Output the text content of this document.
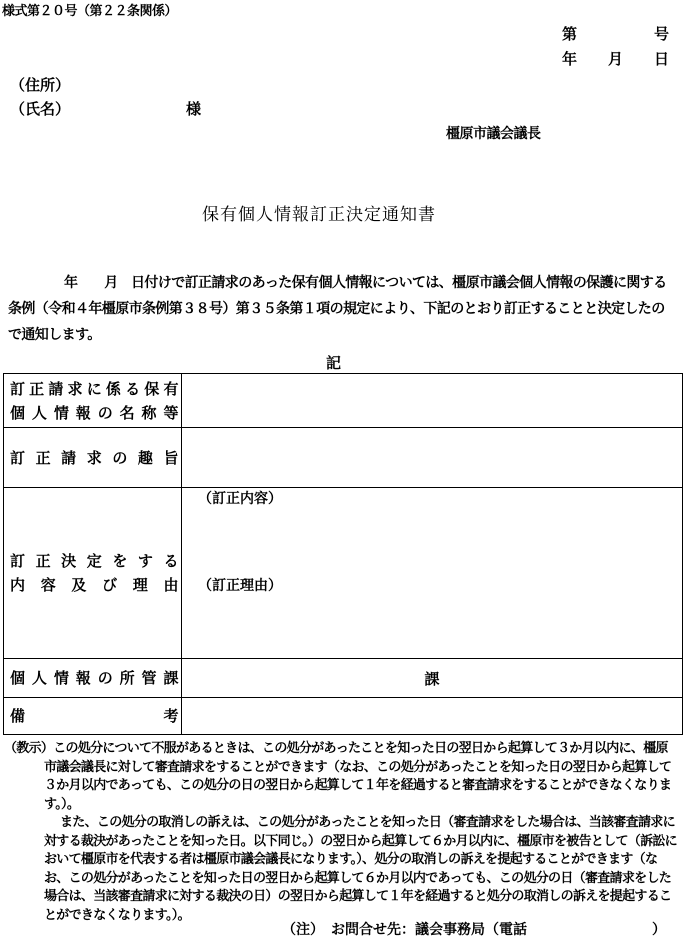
様式第２０号（第２２条関係）
第	号
年 月 日
（住所）
（氏名）	様
橿原市議会議長
保有個人情報訂正決定通知書
年　　月　日付けで訂正請求のあった保有個人情報については、橿原市議会個人情報の保護に関する条例（令和４年橿原市条例第３８号）第３５条第１項の規定により、下記のとおり訂正することと決定したので通知します。
記
訂正請求に係る保有
個人情報の名称等	

訂正請求の趣旨	

訂正決定をする
内容及び理由	（訂正内容）
（訂正理由）

個人情報の所管課	課

備　　　　　　考	

（教示）この処分について不服があるときは、この処分があったことを知った日の翌日から起算して３か月以内に、橿原市議会議長に対して審査請求をすることができます（なお、この処分があったことを知った日の翌日から起算して３か月以内であっても、この処分の日の翌日から起算して１年を経過すると審査請求をすることができなくなります。）。

また、この処分の取消しの訴えは、この処分があったことを知った日（審査請求をした場合は、当該審査請求に対する裁決があったことを知った日。以下同じ。）の翌日から起算して６か月以内に、橿原市を被告として（訴訟において橿原市を代表する者は橿原市議会議長になります。）、処分の取消しの訴えを提起することができます（なお、この処分があったことを知った日の翌日から起算して６か月以内であっても、この処分の日（審査請求をした場合は、当該審査請求に対する裁決の日）の翌日から起算して１年を経過すると処分の取消しの訴えを提起することができなくなります。）。

（注）　お問合せ先：議会事務局（電話	）
